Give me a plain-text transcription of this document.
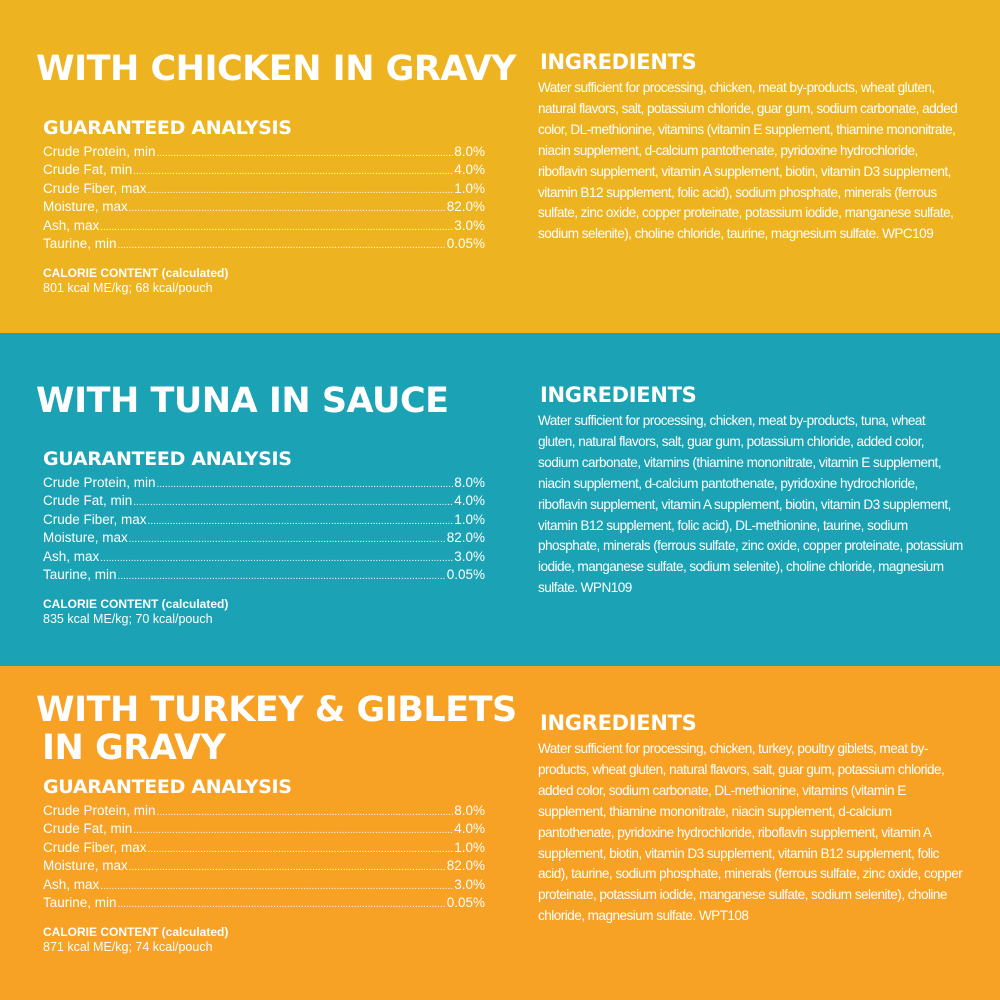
WITH CHICKEN IN GRAVY
GUARANTEED ANALYSIS
Crude Protein, min .....	8.0%
Crude Fat, min .....	4.0%
Crude Fiber, max .....	1.0%
Moisture, max .....	82.0%
Ash, max .....	3.0%
Taurine, min .....	0.05%
CALORIE CONTENT (calculated)
801 kcal ME/kg; 68 kcal/pouch
INGREDIENTS
Water sufficient for processing, chicken, meat by-products, wheat gluten, natural flavors, salt, potassium chloride, guar gum, sodium carbonate, added color, DL-methionine, vitamins (vitamin E supplement, thiamine mononitrate, niacin supplement, d-calcium pantothenate, pyridoxine hydrochloride, riboflavin supplement, vitamin A supplement, biotin, vitamin D3 supplement, vitamin B12 supplement, folic acid), sodium phosphate, minerals (ferrous sulfate, zinc oxide, copper proteinate, potassium iodide, manganese sulfate, sodium selenite), choline chloride, taurine, magnesium sulfate. WPC109
WITH TUNA IN SAUCE
GUARANTEED ANALYSIS
Crude Protein, min .....	8.0%
Crude Fat, min .....	4.0%
Crude Fiber, max .....	1.0%
Moisture, max .....	82.0%
Ash, max .....	3.0%
Taurine, min .....	0.05%
CALORIE CONTENT (calculated)
835 kcal ME/kg; 70 kcal/pouch
INGREDIENTS
Water sufficient for processing, chicken, meat by-products, tuna, wheat gluten, natural flavors, salt, guar gum, potassium chloride, added color, sodium carbonate, vitamins (thiamine mononitrate, vitamin E supplement, niacin supplement, d-calcium pantothenate, pyridoxine hydrochloride, riboflavin supplement, vitamin A supplement, biotin, vitamin D3 supplement, vitamin B12 supplement, folic acid), DL-methionine, taurine, sodium phosphate, minerals (ferrous sulfate, zinc oxide, copper proteinate, potassium iodide, manganese sulfate, sodium selenite), choline chloride, magnesium sulfate. WPN109
WITH TURKEY & GIBLETS
IN GRAVY
GUARANTEED ANALYSIS
Crude Protein, min .....	8.0%
Crude Fat, min .....	4.0%
Crude Fiber, max .....	1.0%
Moisture, max .....	82.0%
Ash, max .....	3.0%
Taurine, min .....	0.05%
CALORIE CONTENT (calculated)
871 kcal ME/kg; 74 kcal/pouch
INGREDIENTS
Water sufficient for processing, chicken, turkey, poultry giblets, meat by-products, wheat gluten, natural flavors, salt, guar gum, potassium chloride, added color, sodium carbonate, DL-methionine, vitamins (vitamin E supplement, thiamine mononitrate, niacin supplement, d-calcium pantothenate, pyridoxine hydrochloride, riboflavin supplement, vitamin A supplement, biotin, vitamin D3 supplement, vitamin B12 supplement, folic acid), taurine, sodium phosphate, minerals (ferrous sulfate, zinc oxide, copper proteinate, potassium iodide, manganese sulfate, sodium selenite), choline chloride, magnesium sulfate. WPT108
